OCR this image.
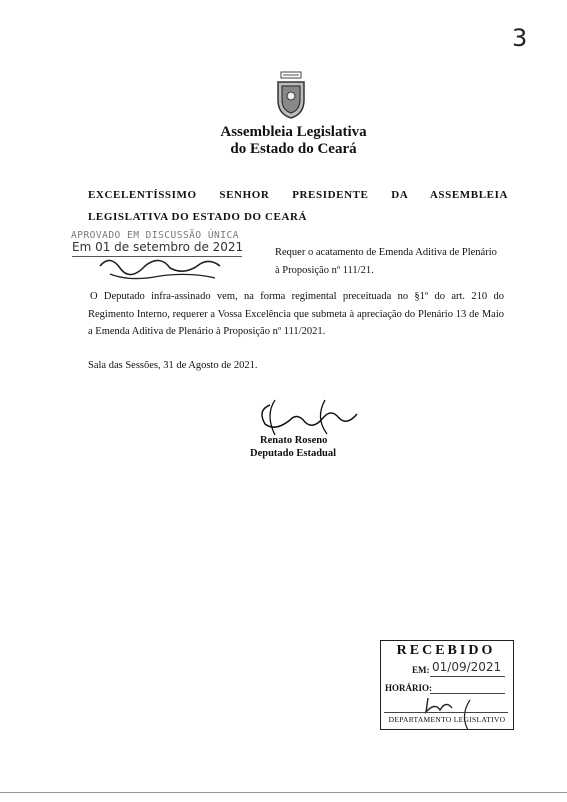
3
Assembleia Legislativa
do Estado do Ceará
EXCELENTÍSSIMO SENHOR PRESIDENTE DA ASSEMBLEIA LEGISLATIVA DO ESTADO DO CEARÁ
APROVADO EM DISCUSSÃO ÚNICA
Em 01 de setembro de 2021	Requer o acatamento de Emenda Aditiva de Plenário à Proposição nº 111/21.
O Deputado infra-assinado vem, na forma regimental preceituada no §1º do art. 210 do Regimento Interno, requerer a Vossa Excelência que submeta à apreciação do Plenário 13 de Maio a Emenda Aditiva de Plenário à Proposição nº 111/2021.
Sala das Sessões, 31 de Agosto de 2021.
Renato Roseno
Deputado Estadual
RECEBIDO
EM: 01/09/2021
HORÁRIO:
DEPARTAMENTO LEGISLATIVO
